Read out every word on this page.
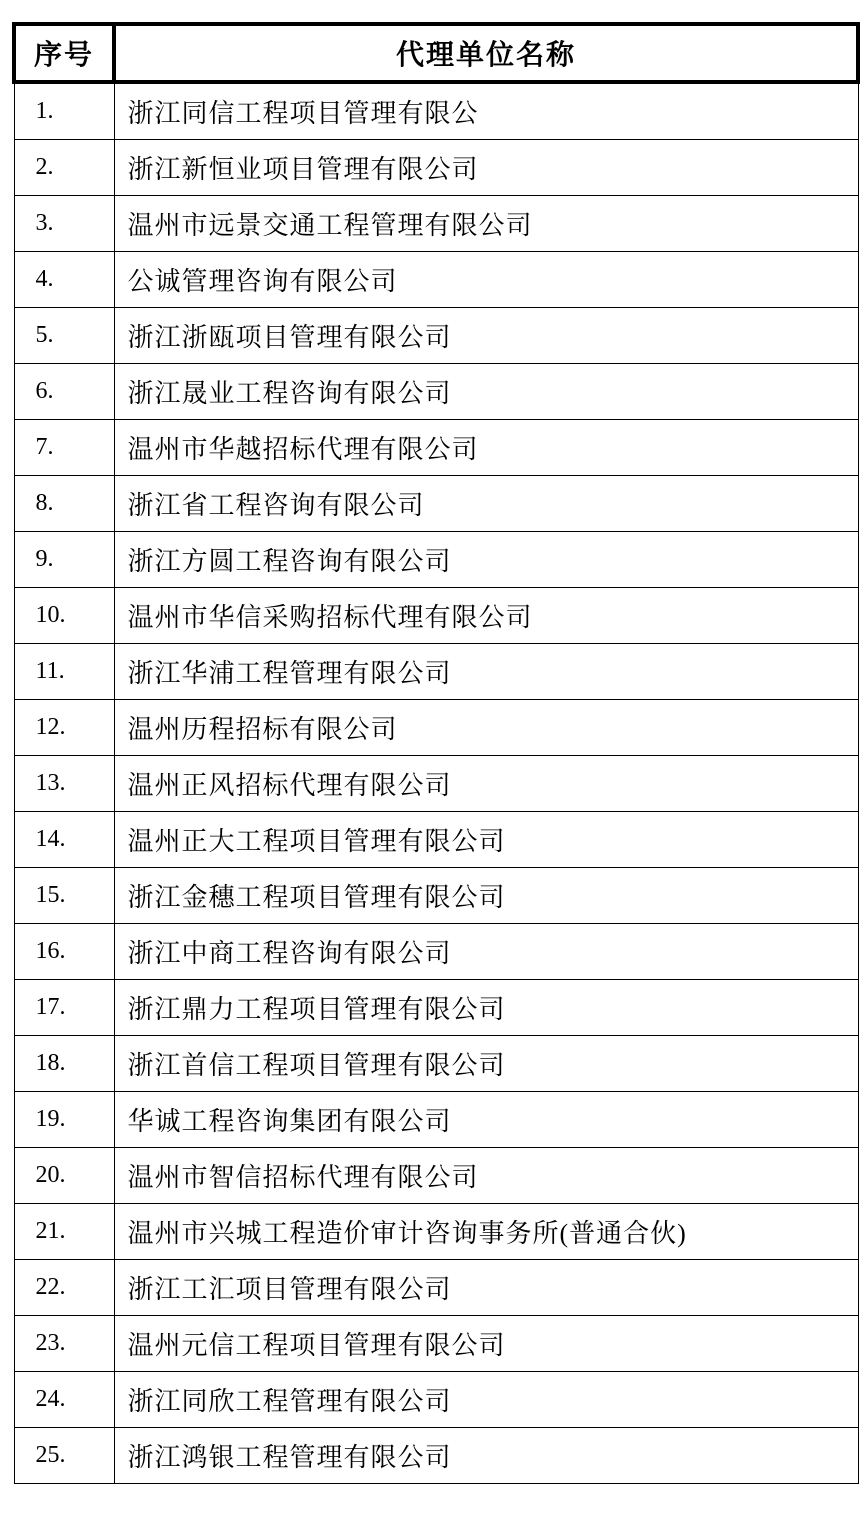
序号	代理单位名称
1.	浙江同信工程项目管理有限公
2.	浙江新恒业项目管理有限公司
3.	温州市远景交通工程管理有限公司
4.	公诚管理咨询有限公司
5.	浙江浙瓯项目管理有限公司
6.	浙江晟业工程咨询有限公司
7.	温州市华越招标代理有限公司
8.	浙江省工程咨询有限公司
9.	浙江方圆工程咨询有限公司
10.	温州市华信采购招标代理有限公司
11.	浙江华浦工程管理有限公司
12.	温州历程招标有限公司
13.	温州正风招标代理有限公司
14.	温州正大工程项目管理有限公司
15.	浙江金穗工程项目管理有限公司
16.	浙江中商工程咨询有限公司
17.	浙江鼎力工程项目管理有限公司
18.	浙江首信工程项目管理有限公司
19.	华诚工程咨询集团有限公司
20.	温州市智信招标代理有限公司
21.	温州市兴城工程造价审计咨询事务所(普通合伙)
22.	浙江工汇项目管理有限公司
23.	温州元信工程项目管理有限公司
24.	浙江同欣工程管理有限公司
25.	浙江鸿银工程管理有限公司
